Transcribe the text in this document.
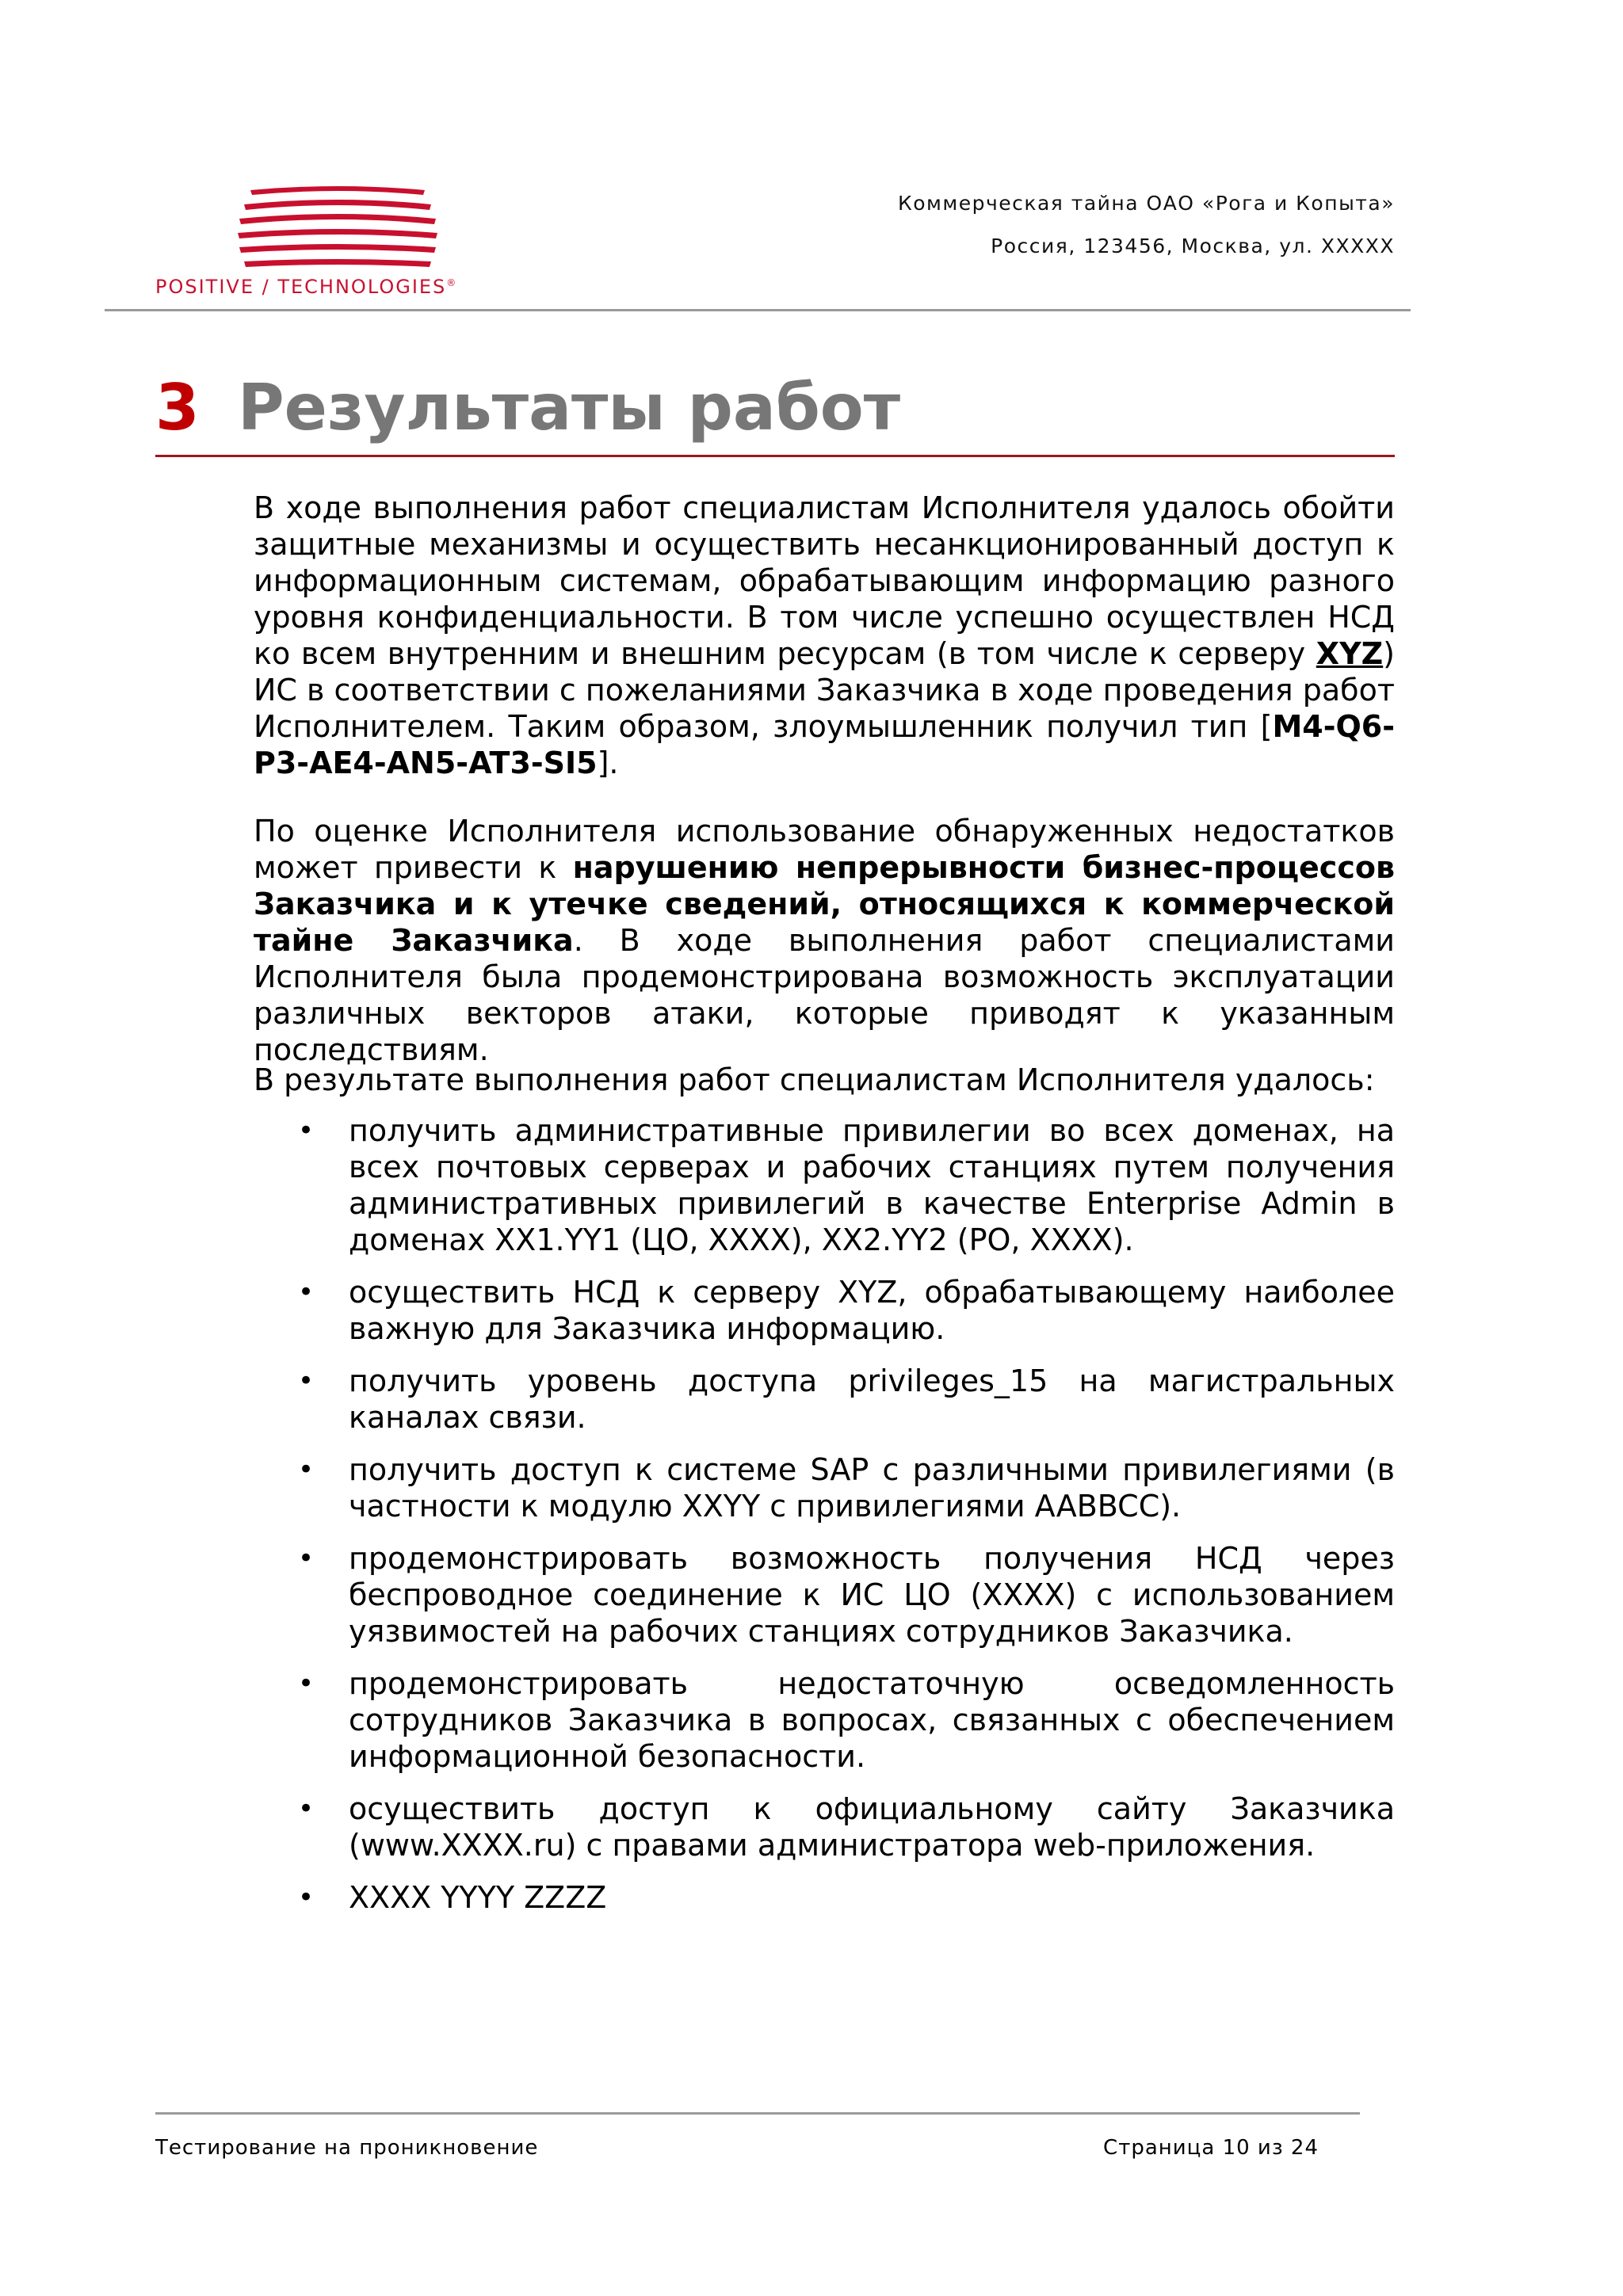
POSITIVE / TECHNOLOGIES®
Коммерческая тайна ОАО «Рога и Копыта»
Россия, 123456, Москва, ул. XXXXX
3 Результаты работ

В ходе выполнения работ специалистам Исполнителя удалось обойти защитные механизмы и осуществить несанкционированный доступ к информационным системам, обрабатывающим информацию разного уровня конфиденциальности. В том числе успешно осуществлен НСД ко всем внутренним и внешним ресурсам (в том числе к серверу XYZ) ИС в соответствии с пожеланиями Заказчика в ходе проведения работ Исполнителем. Таким образом, злоумышленник получил тип [M4-Q6-P3-AE4-AN5-AT3-SI5].

По оценке Исполнителя использование обнаруженных недостатков может привести к нарушению непрерывности бизнес-процессов Заказчика и к утечке сведений, относящихся к коммерческой тайне Заказчика. В ходе выполнения работ специалистами Исполнителя была продемонстрирована возможность эксплуатации различных векторов атаки, которые приводят к указанным последствиям.

В результате выполнения работ специалистам Исполнителя удалось:

• получить административные привилегии во всех доменах, на всех почтовых серверах и рабочих станциях путем получения административных привилегий в качестве Enterprise Admin в доменах XX1.YY1 (ЦО, XXXX), XX2.YY2 (РО, XXXX).
• осуществить НСД к серверу XYZ, обрабатывающему наиболее важную для Заказчика информацию.
• получить уровень доступа privileges_15 на магистральных каналах связи.
• получить доступ к системе SAP с различными привилегиями (в частности к модулю XXYY с привилегиями AABBCC).
• продемонстрировать возможность получения НСД через беспроводное соединение к ИС ЦО (XXXX) с использованием уязвимостей на рабочих станциях сотрудников Заказчика.
• продемонстрировать недостаточную осведомленность сотрудников Заказчика в вопросах, связанных с обеспечением информационной безопасности.
• осуществить доступ к официальному сайту Заказчика (www.XXXX.ru) с правами администратора web-приложения.
• XXXX YYYY ZZZZ
Тестирование на проникновение	Страница 10 из 24
